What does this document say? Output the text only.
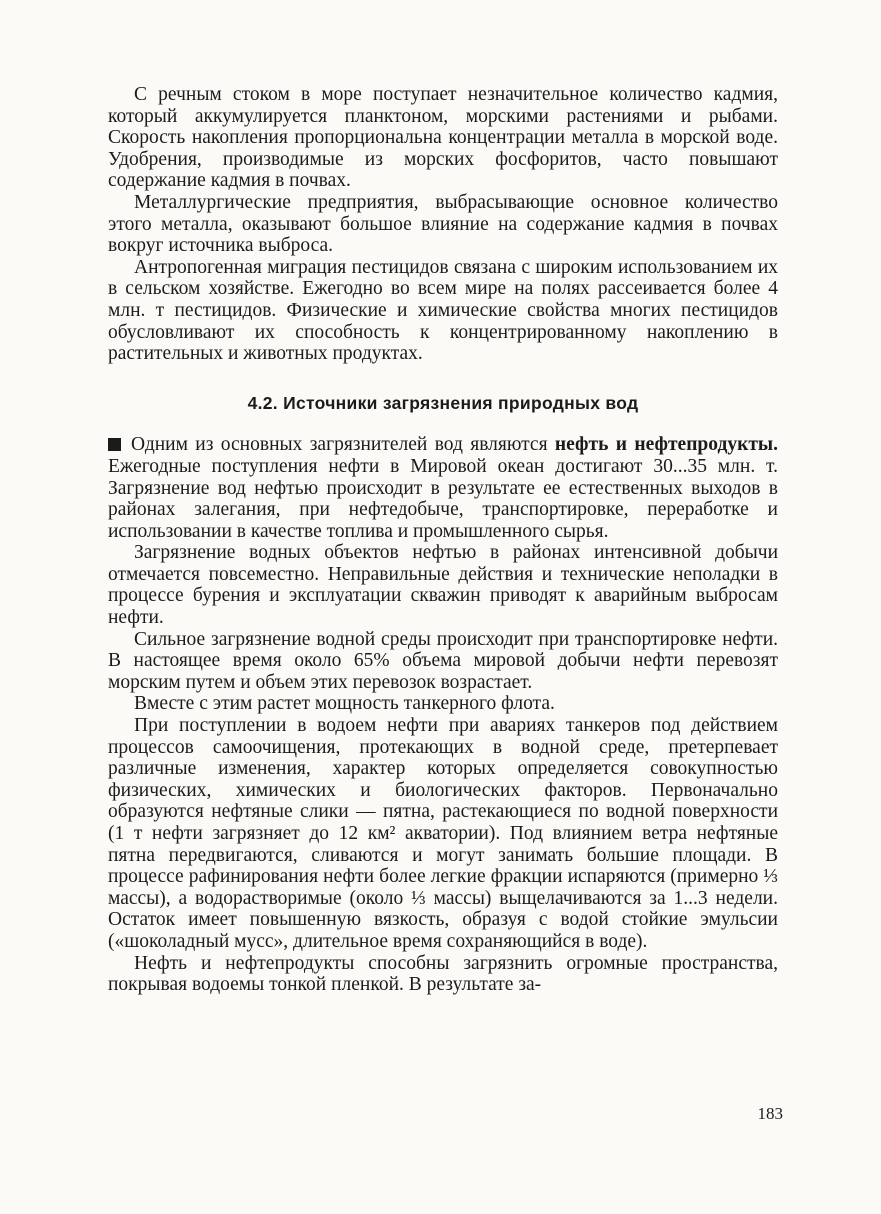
С речным стоком в море поступает незначительное количество кадмия, который аккумулируется планктоном, морскими растениями и рыбами. Скорость накопления пропорциональна концентрации металла в морской воде. Удобрения, производимые из морских фосфоритов, часто повышают содержание кадмия в почвах.

Металлургические предприятия, выбрасывающие основное количество этого металла, оказывают большое влияние на содержание кадмия в почвах вокруг источника выброса.

Антропогенная миграция пестицидов связана с широким использованием их в сельском хозяйстве. Ежегодно во всем мире на полях рассеивается более 4 млн. т пестицидов. Физические и химические свойства многих пестицидов обусловливают их способность к концентрированному накоплению в растительных и животных продуктах.

4.2. Источники загрязнения природных вод

Одним из основных загрязнителей вод являются нефть и нефтепродукты. Ежегодные поступления нефти в Мировой океан достигают 30...35 млн. т. Загрязнение вод нефтью происходит в результате ее естественных выходов в районах залегания, при нефтедобыче, транспортировке, переработке и использовании в качестве топлива и промышленного сырья.

Загрязнение водных объектов нефтью в районах интенсивной добычи отмечается повсеместно. Неправильные действия и технические неполадки в процессе бурения и эксплуатации скважин приводят к аварийным выбросам нефти.

Сильное загрязнение водной среды происходит при транспортировке нефти. В настоящее время около 65% объема мировой добычи нефти перевозят морским путем и объем этих перевозок возрастает.

Вместе с этим растет мощность танкерного флота.

При поступлении в водоем нефти при авариях танкеров под действием процессов самоочищения, протекающих в водной среде, претерпевает различные изменения, характер которых определяется совокупностью физических, химических и биологических факторов. Первоначально образуются нефтяные слики — пятна, растекающиеся по водной поверхности (1 т нефти загрязняет до 12 км² акватории). Под влиянием ветра нефтяные пятна передвигаются, сливаются и могут занимать большие площади. В процессе рафинирования нефти более легкие фракции испаряются (примерно ⅓ массы), а водорастворимые (около ⅓ массы) выщелачиваются за 1...3 недели. Остаток имеет повышенную вязкость, образуя с водой стойкие эмульсии («шоколадный мусс», длительное время сохраняющийся в воде).

Нефть и нефтепродукты способны загрязнить огромные пространства, покрывая водоемы тонкой пленкой. В результате за-

183
